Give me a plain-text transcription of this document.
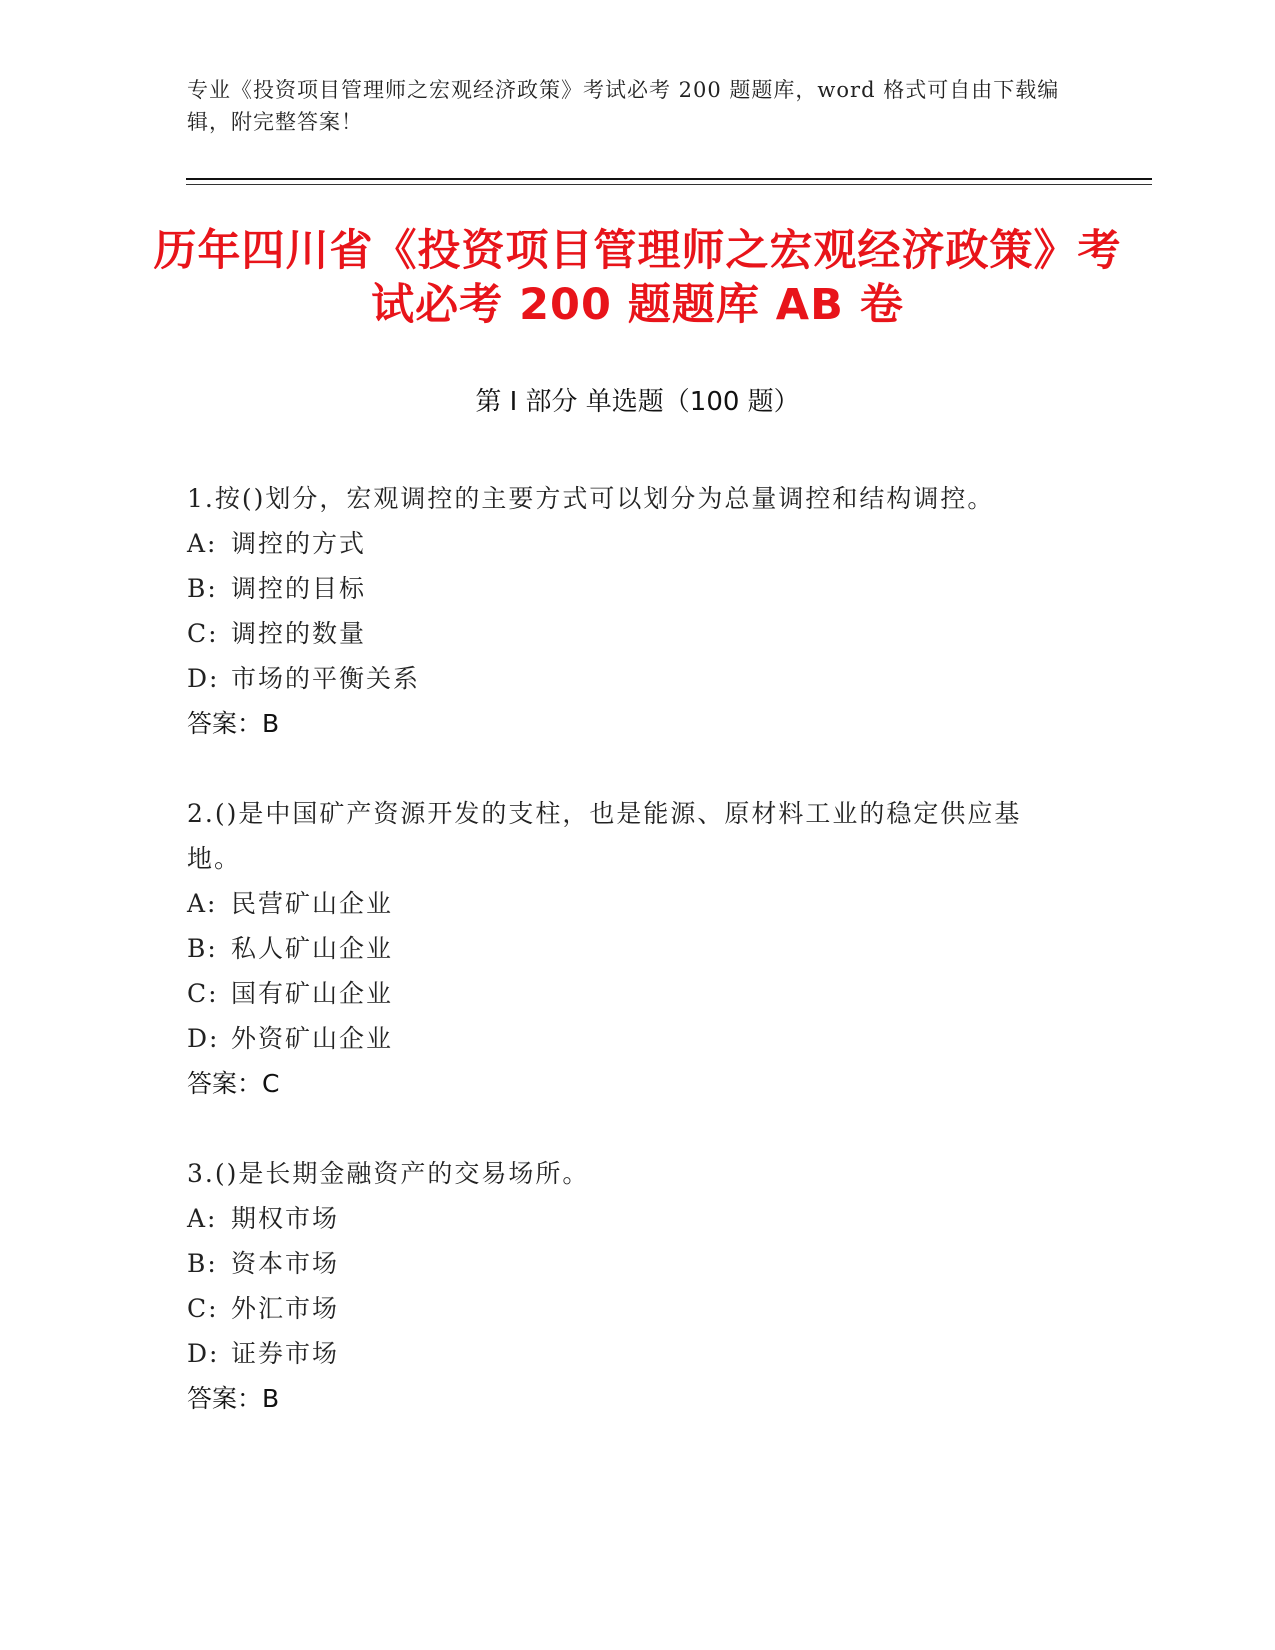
专业《投资项目管理师之宏观经济政策》考试必考 200 题题库，word 格式可自由下载编辑，附完整答案！
历年四川省《投资项目管理师之宏观经济政策》考试必考 200 题题库 AB 卷
第 I 部分 单选题（100 题）
1.按()划分，宏观调控的主要方式可以划分为总量调控和结构调控。
A: 调控的方式
B: 调控的目标
C: 调控的数量
D: 市场的平衡关系
答案：B
2.()是中国矿产资源开发的支柱，也是能源、原材料工业的稳定供应基地。
A: 民营矿山企业
B: 私人矿山企业
C: 国有矿山企业
D: 外资矿山企业
答案：C
3.()是长期金融资产的交易场所。
A: 期权市场
B: 资本市场
C: 外汇市场
D: 证券市场
答案：B
